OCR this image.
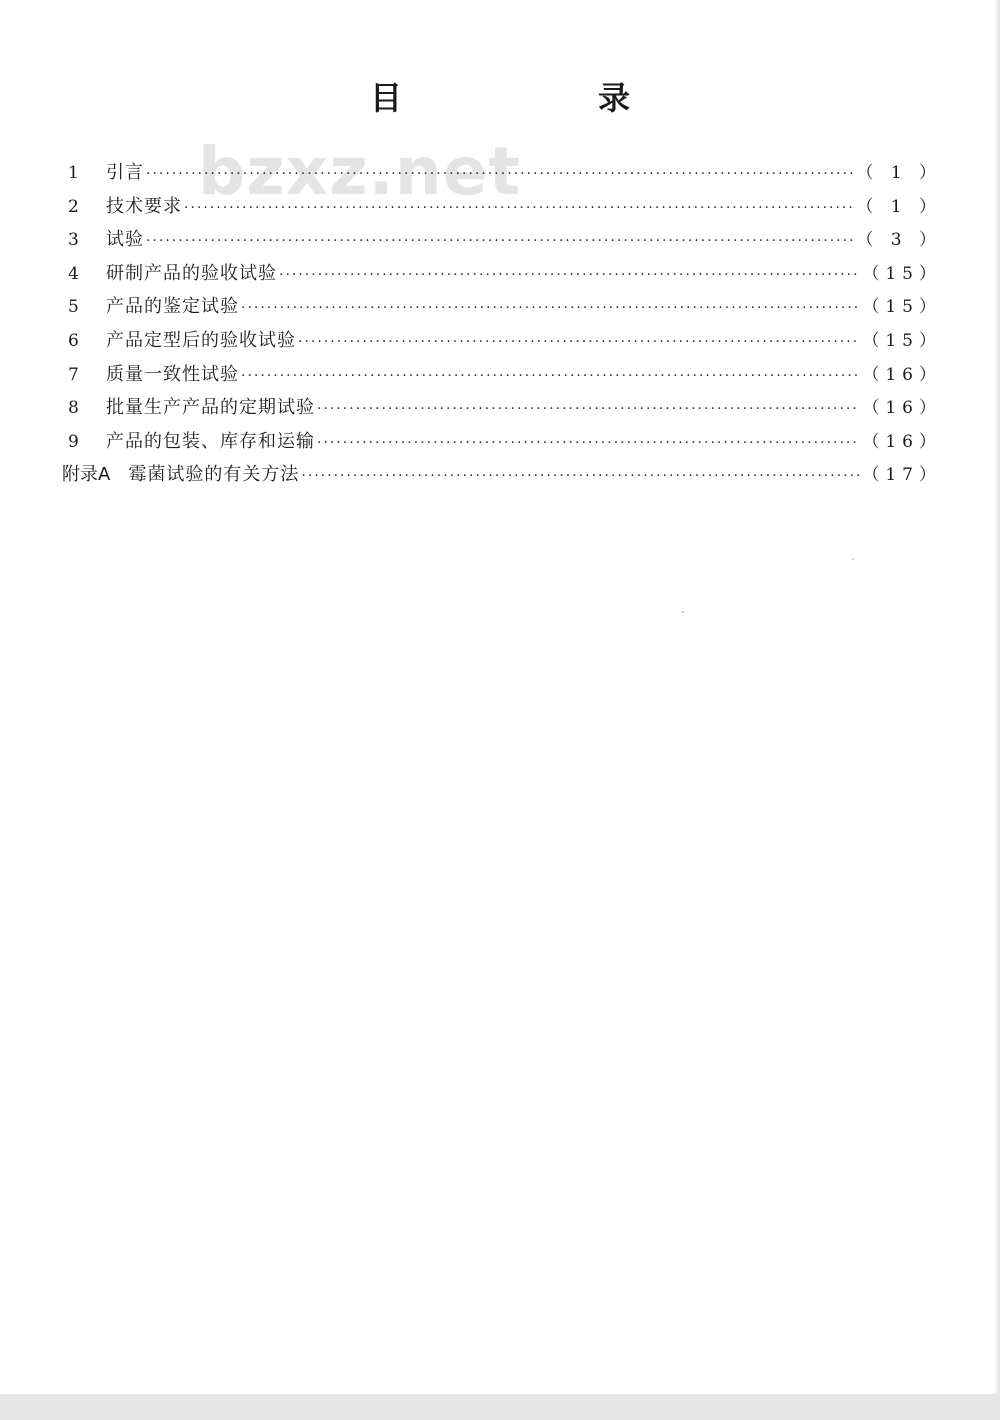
bzxz.net
目　录
1	引言 ·····	（ 1 ）
2	技术要求 ·····	（ 1 ）
3	试验 ·····	（ 3 ）
4	研制产品的验收试验 ·····	（15）
5	产品的鉴定试验 ·····	（15）
6	产品定型后的验收试验 ·····	（15）
7	质量一致性试验 ·····	（16）
8	批量生产产品的定期试验 ·····	（16）
9	产品的包装、库存和运输 ·····	（16）
附录A	霉菌试验的有关方法 ·····	（17）
